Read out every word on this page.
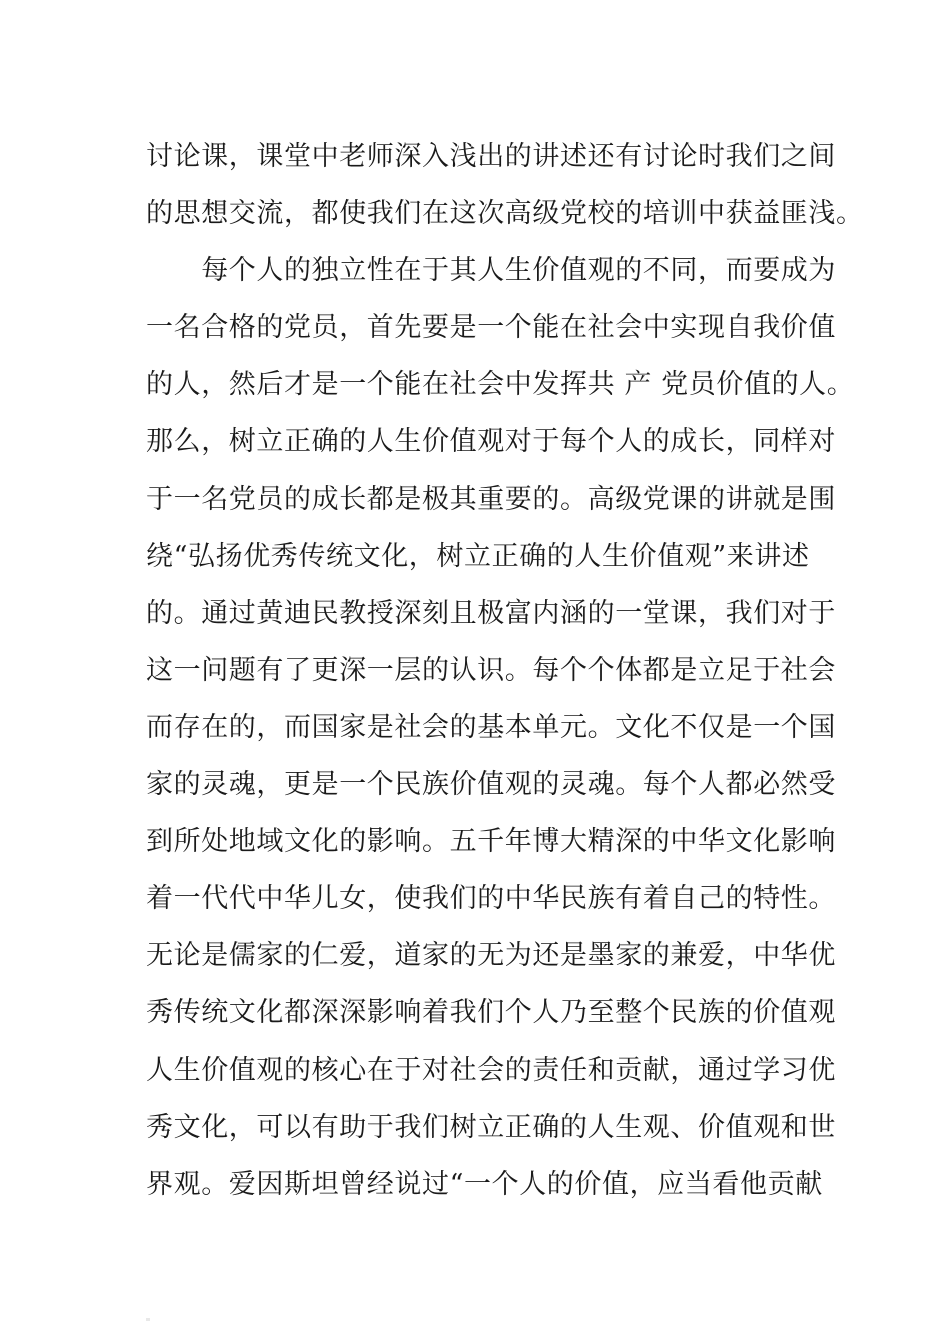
讨论课，课堂中老师深入浅出的讲述还有讨论时我们之间
的思想交流，都使我们在这次高级党校的培训中获益匪浅。
　　每个人的独立性在于其人生价值观的不同，而要成为
一名合格的党员，首先要是一个能在社会中实现自我价值
的人，然后才是一个能在社会中发挥共 产 党员价值的人。
那么，树立正确的人生价值观对于每个人的成长，同样对
于一名党员的成长都是极其重要的。高级党课的讲就是围
绕“弘扬优秀传统文化，树立正确的人生价值观”来讲述
的。通过黄迪民教授深刻且极富内涵的一堂课，我们对于
这一问题有了更深一层的认识。每个个体都是立足于社会
而存在的，而国家是社会的基本单元。文化不仅是一个国
家的灵魂，更是一个民族价值观的灵魂。每个人都必然受
到所处地域文化的影响。五千年博大精深的中华文化影响
着一代代中华儿女，使我们的中华民族有着自己的特性。
无论是儒家的仁爱，道家的无为还是墨家的兼爱，中华优
秀传统文化都深深影响着我们个人乃至整个民族的价值观
人生价值观的核心在于对社会的责任和贡献，通过学习优
秀文化，可以有助于我们树立正确的人生观、价值观和世
界观。爱因斯坦曾经说过“一个人的价值，应当看他贡献
